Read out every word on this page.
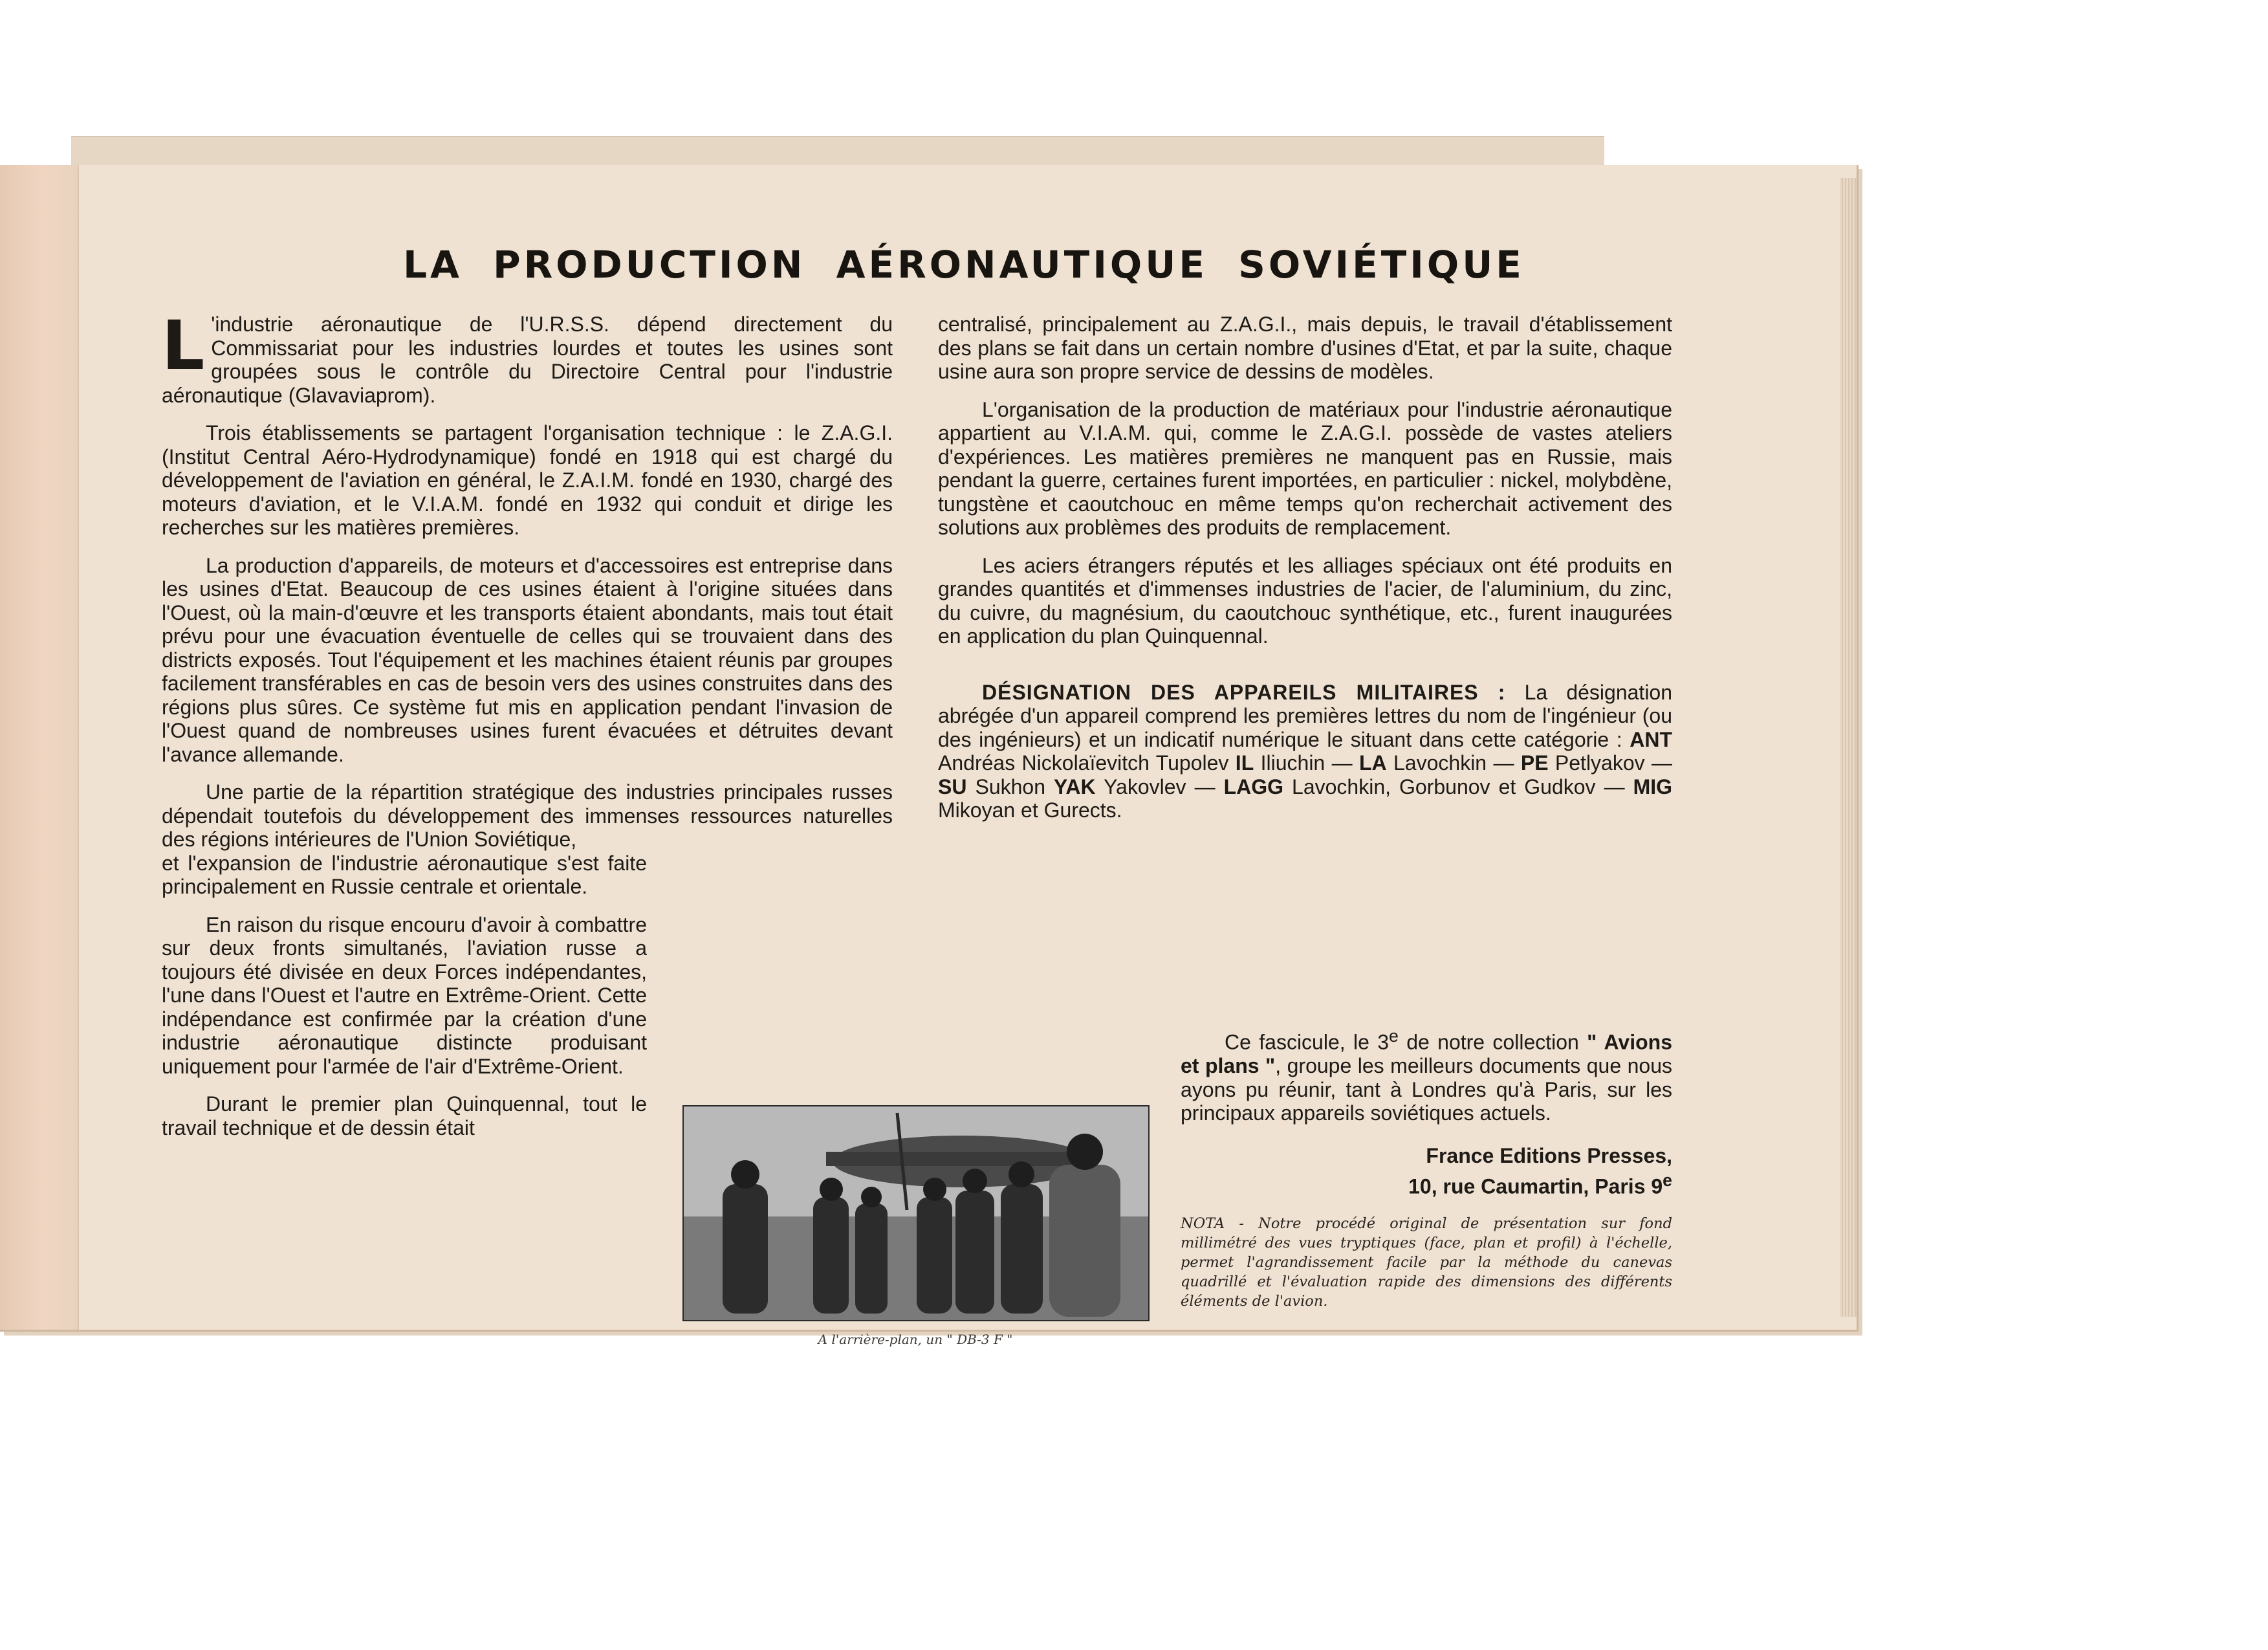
LA PRODUCTION AÉRONAUTIQUE SOVIÉTIQUE

L 'industrie aéronautique de l'U.R.S.S. dépend directement du Commissariat pour les industries lourdes et toutes les usines sont groupées sous le contrôle du Directoire Central pour l'industrie aéronautique (Glavaviaprom).

Trois établissements se partagent l'organisation technique : le Z.A.G.I. (Institut Central Aéro-Hydrodynamique) fondé en 1918 qui est chargé du développement de l'aviation en général, le Z.A.I.M. fondé en 1930, chargé des moteurs d'aviation, et le V.I.A.M. fondé en 1932 qui conduit et dirige les recherches sur les matières premières.

La production d'appareils, de moteurs et d'accessoires est entreprise dans les usines d'Etat. Beaucoup de ces usines étaient à l'origine situées dans l'Ouest, où la main-d'œuvre et les transports étaient abondants, mais tout était prévu pour une évacuation éventuelle de celles qui se trouvaient dans des districts exposés. Tout l'équipement et les machines étaient réunis par groupes facilement transférables en cas de besoin vers des usines construites dans des régions plus sûres. Ce système fut mis en application pendant l'invasion de l'Ouest quand de nombreuses usines furent évacuées et détruites devant l'avance allemande.

Une partie de la répartition stratégique des industries principales russes dépendait toutefois du développement des immenses ressources naturelles des régions intérieures de l'Union Soviétique,

et l'expansion de l'industrie aéronautique s'est faite principalement en Russie centrale et orientale.

En raison du risque encouru d'avoir à combattre sur deux fronts simultanés, l'aviation russe a toujours été divisée en deux Forces indépendantes, l'une dans l'Ouest et l'autre en Extrême-Orient. Cette indépendance est confirmée par la création d'une industrie aéronautique distincte produisant uniquement pour l'armée de l'air d'Extrême-Orient.

Durant le premier plan Quinquennal, tout le travail technique et de dessin était

centralisé, principalement au Z.A.G.I., mais depuis, le travail d'établissement des plans se fait dans un certain nombre d'usines d'Etat, et par la suite, chaque usine aura son propre service de dessins de modèles.

L'organisation de la production de matériaux pour l'industrie aéronautique appartient au V.I.A.M. qui, comme le Z.A.G.I. possède de vastes ateliers d'expériences. Les matières premières ne manquent pas en Russie, mais pendant la guerre, certaines furent importées, en particulier : nickel, molybdène, tungstène et caoutchouc en même temps qu'on recherchait activement des solutions aux problèmes des produits de remplacement.

Les aciers étrangers réputés et les alliages spéciaux ont été produits en grandes quantités et d'immenses industries de l'acier, de l'aluminium, du zinc, du cuivre, du magnésium, du caoutchouc synthétique, etc., furent inaugurées en application du plan Quinquennal.

DÉSIGNATION DES APPAREILS MILITAIRES : La désignation abrégée d'un appareil comprend les premières lettres du nom de l'ingénieur (ou des ingénieurs) et un indicatif numérique le situant dans cette catégorie : ANT Andréas Nickolaïevitch Tupolev IL Iliuchin — LA Lavochkin — PE Petlyakov — SU Sukhon YAK Yakovlev — LAGG Lavochkin, Gorbunov et Gudkov — MIG Mikoyan et Gurects.

A l'arrière-plan, un " DB-3 F "

Ce fascicule, le 3e de notre collection " Avions et plans ", groupe les meilleurs documents que nous ayons pu réunir, tant à Londres qu'à Paris, sur les principaux appareils soviétiques actuels.

France Editions Presses,
10, rue Caumartin, Paris 9e
NOTA - Notre procédé original de présentation sur fond millimétré des vues tryptiques (face, plan et profil) à l'échelle, permet l'agrandissement facile par la méthode du canevas quadrillé et l'évaluation rapide des dimensions des différents éléments de l'avion.
